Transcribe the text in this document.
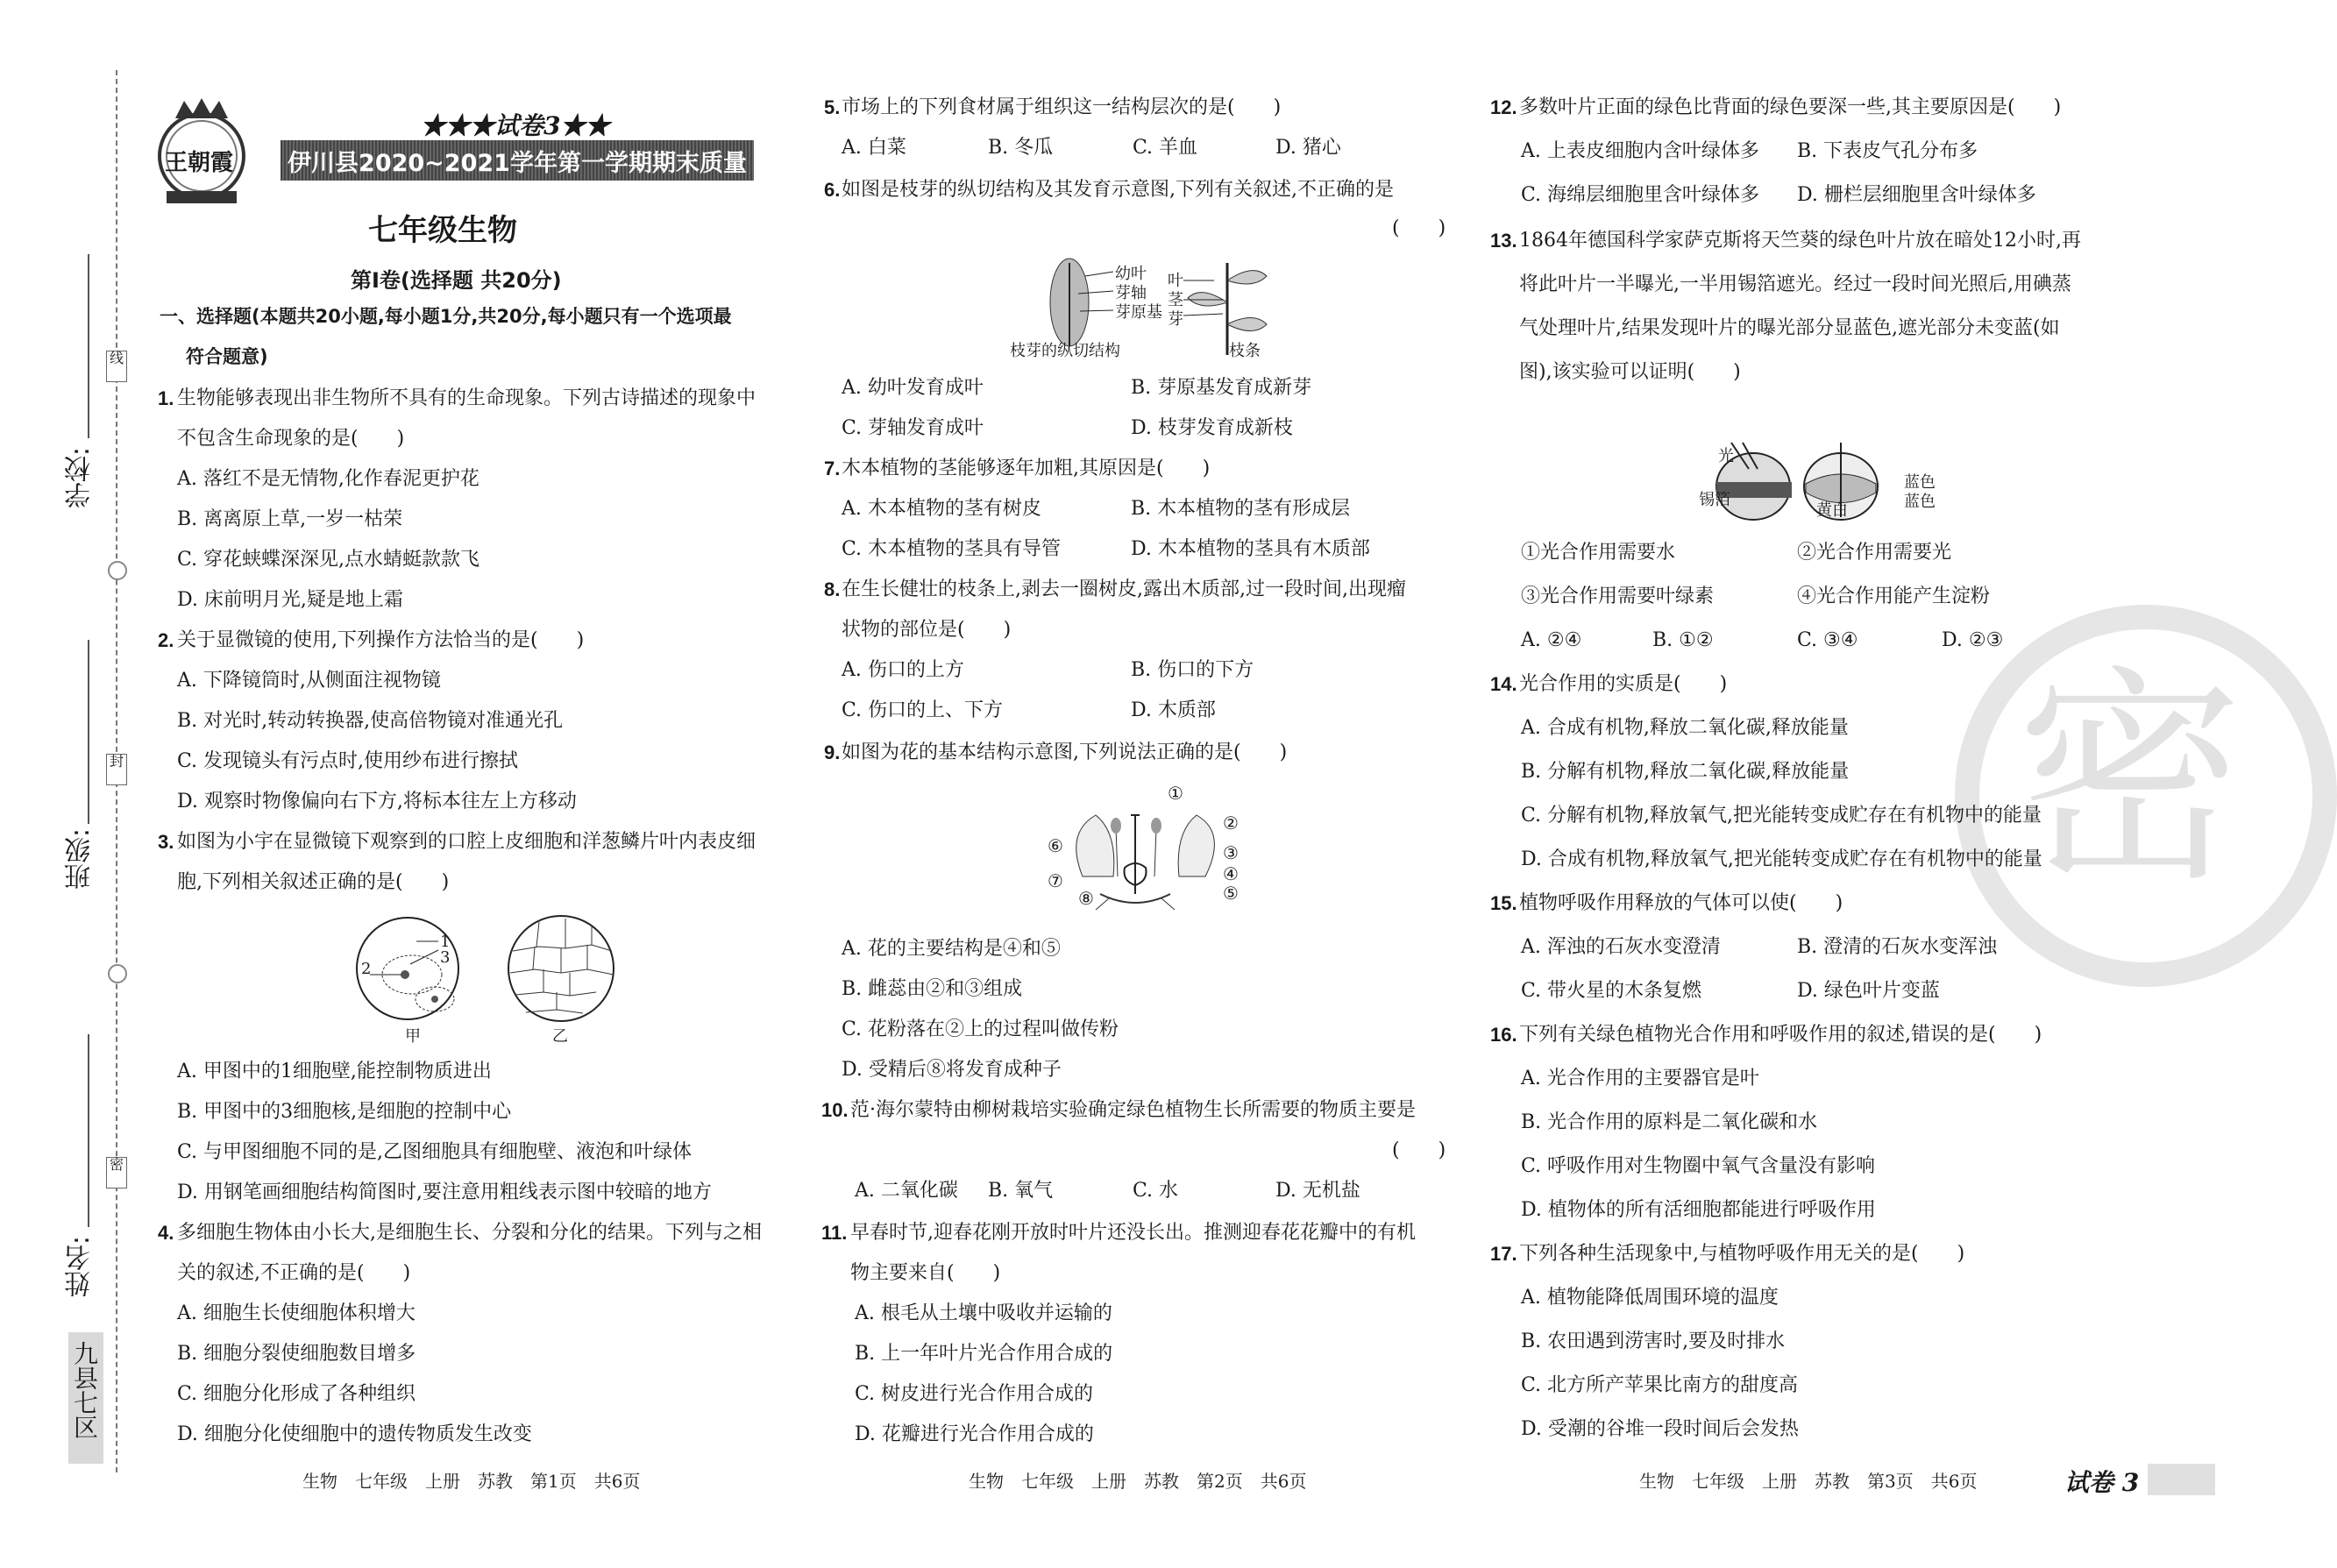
密
学校:
班级:
姓名:
线
封
密
九县七区
王朝霞
★★★试卷3★★
伊川县2020~2021学年第一学期期末质量调研检测试卷
七年级生物
第Ⅰ卷(选择题 共20分)
一、选择题(本题共20小题,每小题1分,共20分,每小题只有一个选项最
符合题意)
1. 生物能够表现出非生物所不具有的生命现象。下列古诗描述的现象中
不包含生命现象的是(　　)
A. 落红不是无情物,化作春泥更护花
B. 离离原上草,一岁一枯荣
C. 穿花蛱蝶深深见,点水蜻蜓款款飞
D. 床前明月光,疑是地上霜
2. 关于显微镜的使用,下列操作方法恰当的是(　　)
A. 下降镜筒时,从侧面注视物镜
B. 对光时,转动转换器,使高倍物镜对准通光孔
C. 发现镜头有污点时,使用纱布进行擦拭
D. 观察时物像偏向右下方,将标本往左上方移动
3. 如图为小宇在显微镜下观察到的口腔上皮细胞和洋葱鳞片叶内表皮细
胞,下列相关叙述正确的是(　　)
2
1
3
甲	乙
A. 甲图中的1细胞壁,能控制物质进出
B. 甲图中的3细胞核,是细胞的控制中心
C. 与甲图细胞不同的是,乙图细胞具有细胞壁、液泡和叶绿体
D. 用钢笔画细胞结构简图时,要注意用粗线表示图中较暗的地方
4. 多细胞生物体由小长大,是细胞生长、分裂和分化的结果。下列与之相
关的叙述,不正确的是(　　)
A. 细胞生长使细胞体积增大
B. 细胞分裂使细胞数目增多
C. 细胞分化形成了各种组织
D. 细胞分化使细胞中的遗传物质发生改变
生物　七年级　上册　苏教　第1页　共6页
5. 市场上的下列食材属于组织这一结构层次的是(　　)
A. 白菜	B. 冬瓜	C. 羊血	D. 猪心
6. 如图是枝芽的纵切结构及其发育示意图,下列有关叙述,不正确的是
(　　)
幼叶
芽轴
芽原基
叶
茎
芽
枝芽的纵切结构	枝条
A. 幼叶发育成叶	B. 芽原基发育成新芽
C. 芽轴发育成叶	D. 枝芽发育成新枝
7. 木本植物的茎能够逐年加粗,其原因是(　　)
A. 木本植物的茎有树皮	B. 木本植物的茎有形成层
C. 木本植物的茎具有导管	D. 木本植物的茎具有木质部
8. 在生长健壮的枝条上,剥去一圈树皮,露出木质部,过一段时间,出现瘤
状物的部位是(　　)
A. 伤口的上方	B. 伤口的下方
C. 伤口的上、下方	D. 木质部
9. 如图为花的基本结构示意图,下列说法正确的是(　　)
①
②
③
④
⑤
⑥
⑦
⑧
A. 花的主要结构是④和⑤
B. 雌蕊由②和③组成
C. 花粉落在②上的过程叫做传粉
D. 受精后⑧将发育成种子
10. 范·海尔蒙特由柳树栽培实验确定绿色植物生长所需要的物质主要是
(　　)
A. 二氧化碳 B. 氧气	C. 水	D. 无机盐
11. 早春时节,迎春花刚开放时叶片还没长出。推测迎春花花瓣中的有机
物主要来自(　　)
A. 根毛从土壤中吸收并运输的
B. 上一年叶片光合作用合成的
C. 树皮进行光合作用合成的
D. 花瓣进行光合作用合成的
生物　七年级　上册　苏教　第2页　共6页
12. 多数叶片正面的绿色比背面的绿色要深一些,其主要原因是(　　)
A. 上表皮细胞内含叶绿体多 B. 下表皮气孔分布多
C. 海绵层细胞里含叶绿体多 D. 栅栏层细胞里含叶绿体多
13. 1864年德国科学家萨克斯将天竺葵的绿色叶片放在暗处12小时,再
将此叶片一半曝光,一半用锡箔遮光。经过一段时间光照后,用碘蒸
气处理叶片,结果发现叶片的曝光部分显蓝色,遮光部分未变蓝(如
图),该实验可以证明(　　)
光
锡箔
蓝色
黄白	蓝色
①光合作用需要水	②光合作用需要光
③光合作用需要叶绿素	④光合作用能产生淀粉
A. ②④	B. ①②	C. ③④	D. ②③
14. 光合作用的实质是(　　)
A. 合成有机物,释放二氧化碳,释放能量
B. 分解有机物,释放二氧化碳,释放能量
C. 分解有机物,释放氧气,把光能转变成贮存在有机物中的能量
D. 合成有机物,释放氧气,把光能转变成贮存在有机物中的能量
15. 植物呼吸作用释放的气体可以使(　　)
A. 浑浊的石灰水变澄清	B. 澄清的石灰水变浑浊
C. 带火星的木条复燃	D. 绿色叶片变蓝
16. 下列有关绿色植物光合作用和呼吸作用的叙述,错误的是(　　)
A. 光合作用的主要器官是叶
B. 光合作用的原料是二氧化碳和水
C. 呼吸作用对生物圈中氧气含量没有影响
D. 植物体的所有活细胞都能进行呼吸作用
17. 下列各种生活现象中,与植物呼吸作用无关的是(　　)
A. 植物能降低周围环境的温度
B. 农田遇到涝害时,要及时排水
C. 北方所产苹果比南方的甜度高
D. 受潮的谷堆一段时间后会发热
生物　七年级　上册　苏教　第3页　共6页	试卷 3
